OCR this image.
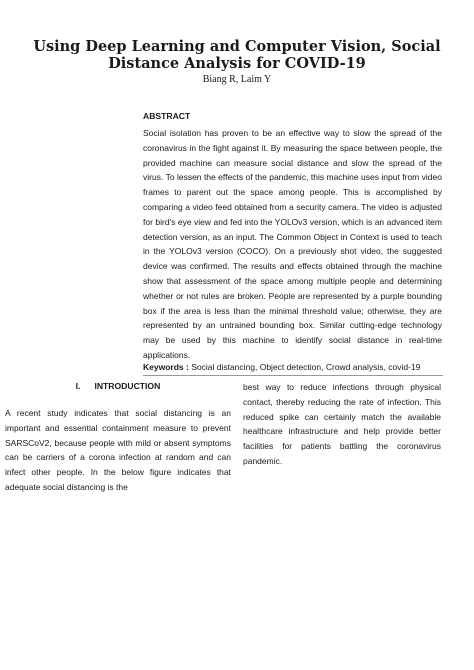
Using Deep Learning and Computer Vision, Social Distance Analysis for COVID-19
Biang R, Laim Y
ABSTRACT

Social isolation has proven to be an effective way to slow the spread of the coronavirus in the fight against it. By measuring the space between people, the provided machine can measure social distance and slow the spread of the virus. To lessen the effects of the pandemic, this machine uses input from video frames to parent out the space among people. This is accomplished by comparing a video feed obtained from a security camera. The video is adjusted for bird's eye view and fed into the YOLOv3 version, which is an advanced item detection version, as an input. The Common Object in Context is used to teach in the YOLOv3 version (COCO). On a previously shot video, the suggested device was confirmed. The results and effects obtained through the machine show that assessment of the space among multiple people and determining whether or not rules are broken. People are represented by a purple bounding box if the area is less than the minimal threshold value; otherwise, they are represented by an untrained bounding box. Similar cutting-edge technology may be used by this machine to identify social distance in real-time applications.

Keywords : Social distancing, Object detection, Crowd analysis, covid-19
I. INTRODUCTION

A recent study indicates that social distancing is an important and essential containment measure to prevent SARSCoV2, because people with mild or absent symptoms can be carriers of a corona infection at random and can infect other people. In the below figure indicates that adequate social distancing is the

best way to reduce infections through physical contact, thereby reducing the rate of infection. This reduced spike can certainly match the available healthcare infrastructure and help provide better facilities for patients battling the coronavirus pandemic.
